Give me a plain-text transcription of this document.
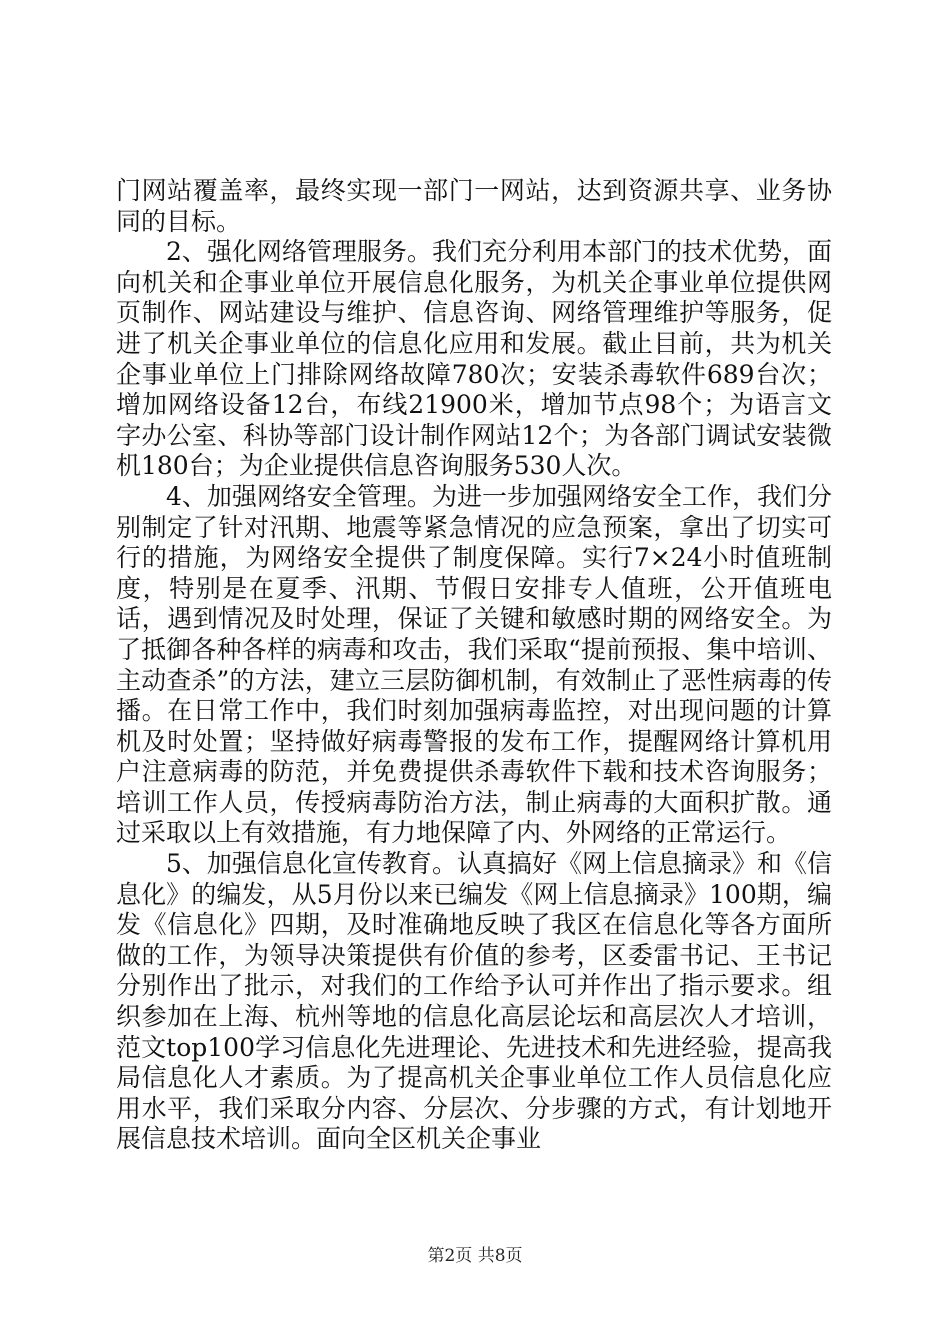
门网站覆盖率，最终实现一部门一网站，达到资源共享、业务协同的目标。

2、强化网络管理服务。我们充分利用本部门的技术优势，面向机关和企事业单位开展信息化服务，为机关企事业单位提供网页制作、网站建设与维护、信息咨询、网络管理维护等服务，促进了机关企事业单位的信息化应用和发展。截止目前，共为机关企事业单位上门排除网络故障780次；安装杀毒软件689台次；增加网络设备12台，布线21900米，增加节点98个；为语言文字办公室、科协等部门设计制作网站12个；为各部门调试安装微机180台；为企业提供信息咨询服务530人次。

4、加强网络安全管理。为进一步加强网络安全工作，我们分别制定了针对汛期、地震等紧急情况的应急预案，拿出了切实可行的措施，为网络安全提供了制度保障。实行7×24小时值班制度，特别是在夏季、汛期、节假日安排专人值班，公开值班电话，遇到情况及时处理，保证了关键和敏感时期的网络安全。为了抵御各种各样的病毒和攻击，我们采取“提前预报、集中培训、主动查杀”的方法，建立三层防御机制，有效制止了恶性病毒的传播。在日常工作中，我们时刻加强病毒监控，对出现问题的计算机及时处置；坚持做好病毒警报的发布工作，提醒网络计算机用户注意病毒的防范，并免费提供杀毒软件下载和技术咨询服务；培训工作人员，传授病毒防治方法，制止病毒的大面积扩散。通过采取以上有效措施，有力地保障了内、外网络的正常运行。

5、加强信息化宣传教育。认真搞好《网上信息摘录》和《信息化》的编发，从5月份以来已编发《网上信息摘录》100期，编发《信息化》四期，及时准确地反映了我区在信息化等各方面所做的工作，为领导决策提供有价值的参考，区委雷书记、王书记分别作出了批示，对我们的工作给予认可并作出了指示要求。组织参加在上海、杭州等地的信息化高层论坛和高层次人才培训，范文top100学习信息化先进理论、先进技术和先进经验，提高我局信息化人才素质。为了提高机关企事业单位工作人员信息化应用水平，我们采取分内容、分层次、分步骤的方式，有计划地开展信息技术培训。面向全区机关企事业

第2页 共8页
